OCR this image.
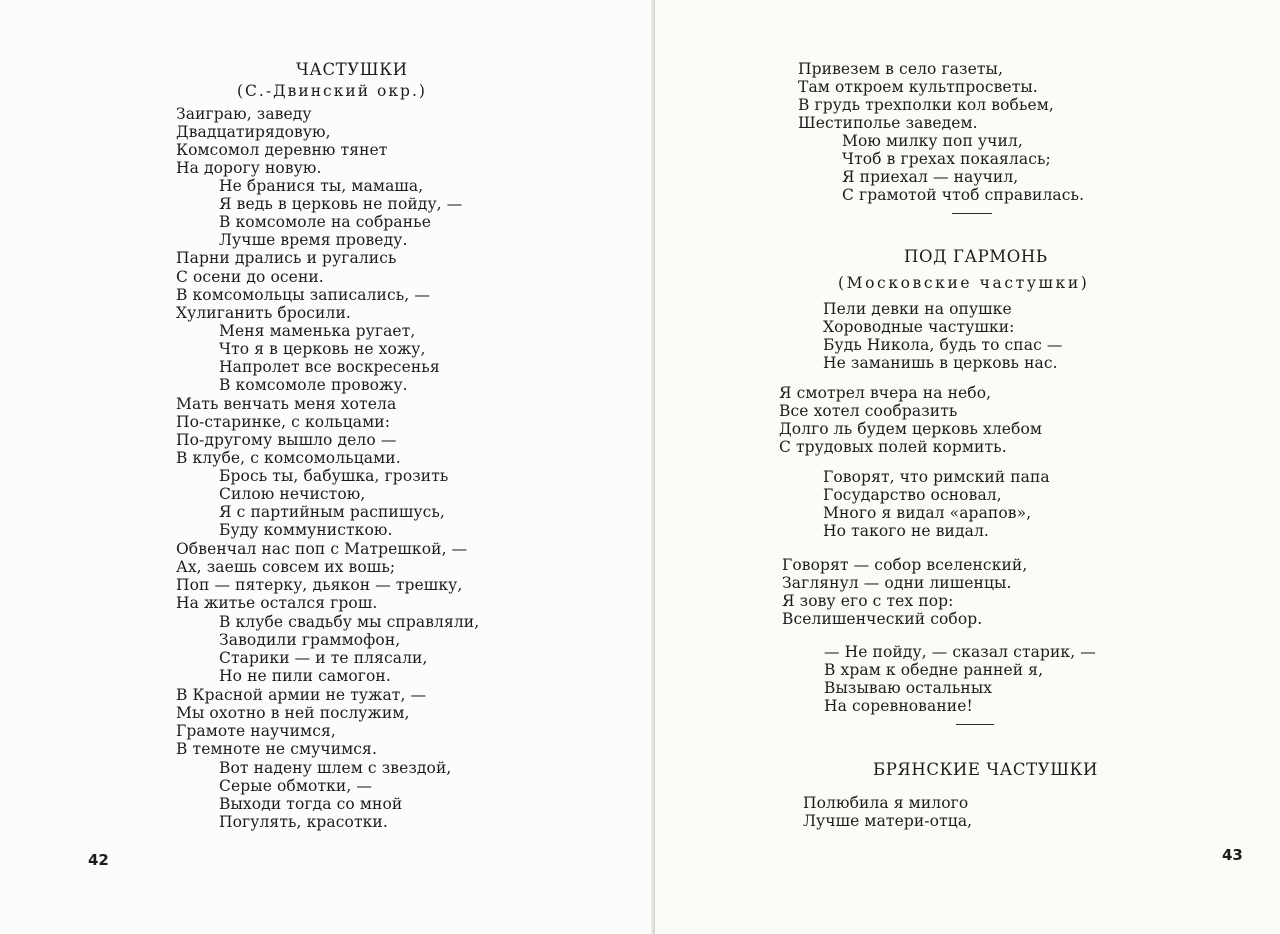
ЧАСТУШКИ
(С.-Двинский окр.)
Заиграю, заведу
Двадцатирядовую,
Комсомол деревню тянет
На дорогу новую.
Не бранися ты, мамаша,
Я ведь в церковь не пойду, —
В комсомоле на собранье
Лучше время проведу.
Парни дрались и ругались
С осени до осени.
В комсомольцы записались, —
Хулиганить бросили.
Меня маменька ругает,
Что я в церковь не хожу,
Напролет все воскресенья
В комсомоле провожу.
Мать венчать меня хотела
По-старинке, с кольцами:
По-другому вышло дело —
В клубе, с комсомольцами.
Брось ты, бабушка, грозить
Силою нечистою,
Я с партийным распишусь,
Буду коммунисткою.
Обвенчал нас поп с Матрешкой, —
Ах, заешь совсем их вошь;
Поп — пятерку, дьякон — трешку,
На житье остался грош.
В клубе свадьбу мы справляли,
Заводили граммофон,
Старики — и те плясали,
Но не пили самогон.
В Красной армии не тужат, —
Мы охотно в ней послужим,
Грамоте научимся,
В темноте не смучимся.
Вот надену шлем с звездой,
Серые обмотки, —
Выходи тогда со мной
Погулять, красотки.
42
Привезем в село газеты,
Там откроем культпросветы.
В грудь трехполки кол вобьем,
Шестиполье заведем.
Мою милку поп учил,
Чтоб в грехах покаялась;
Я приехал — научил,
С грамотой чтоб справилась.
ПОД ГАРМОНЬ
(Московские частушки)
Пели девки на опушке
Хороводные частушки:
Будь Никола, будь то спас —
Не заманишь в церковь нас.
Я смотрел вчера на небо,
Все хотел сообразить
Долго ль будем церковь хлебом
С трудовых полей кормить.
Говорят, что римский папа
Государство основал,
Много я видал «арапов»,
Но такого не видал.
Говорят — собор вселенский,
Заглянул — одни лишенцы.
Я зову его с тех пор:
Вселишенческий собор.
— Не пойду, — сказал старик, —
В храм к обедне ранней я,
Вызываю остальных
На соревнование!
БРЯНСКИЕ ЧАСТУШКИ
Полюбила я милого
Лучше матери-отца,
43
